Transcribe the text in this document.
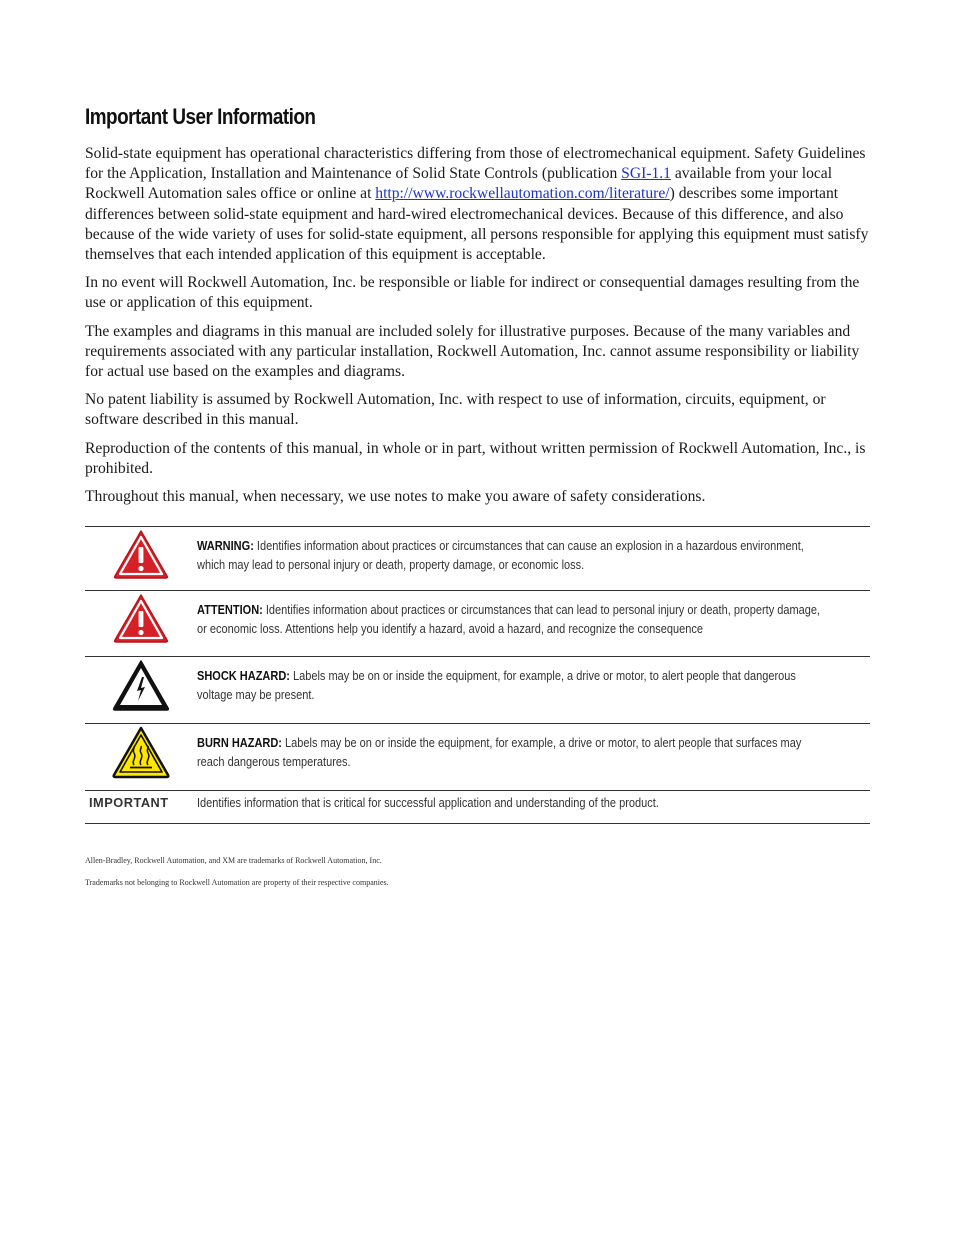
Important User Information

Solid-state equipment has operational characteristics differing from those of electromechanical equipment. Safety Guidelines for the Application, Installation and Maintenance of Solid State Controls (publication SGI-1.1 available from your local Rockwell Automation sales office or online at http://www.rockwellautomation.com/literature/) describes some important differences between solid-state equipment and hard-wired electromechanical devices. Because of this difference, and also because of the wide variety of uses for solid-state equipment, all persons responsible for applying this equipment must satisfy themselves that each intended application of this equipment is acceptable.

In no event will Rockwell Automation, Inc. be responsible or liable for indirect or consequential damages resulting from the use or application of this equipment.

The examples and diagrams in this manual are included solely for illustrative purposes. Because of the many variables and requirements associated with any particular installation, Rockwell Automation, Inc. cannot assume responsibility or liability for actual use based on the examples and diagrams.

No patent liability is assumed by Rockwell Automation, Inc. with respect to use of information, circuits, equipment, or software described in this manual.

Reproduction of the contents of this manual, in whole or in part, without written permission of Rockwell Automation, Inc., is prohibited.

Throughout this manual, when necessary, we use notes to make you aware of safety considerations.

	WARNING: Identifies information about practices or circumstances that can cause an explosion in a hazardous environment, which may lead to personal injury or death, property damage, or economic loss.

	ATTENTION: Identifies information about practices or circumstances that can lead to personal injury or death, property damage, or economic loss. Attentions help you identify a hazard, avoid a hazard, and recognize the consequence

	SHOCK HAZARD: Labels may be on or inside the equipment, for example, a drive or motor, to alert people that dangerous voltage may be present.

	BURN HAZARD: Labels may be on or inside the equipment, for example, a drive or motor, to alert people that surfaces may reach dangerous temperatures.
IMPORTANT	Identifies information that is critical for successful application and understanding of the product.

Allen-Bradley, Rockwell Automation, and XM are trademarks of Rockwell Automation, Inc.

Trademarks not belonging to Rockwell Automation are property of their respective companies.
